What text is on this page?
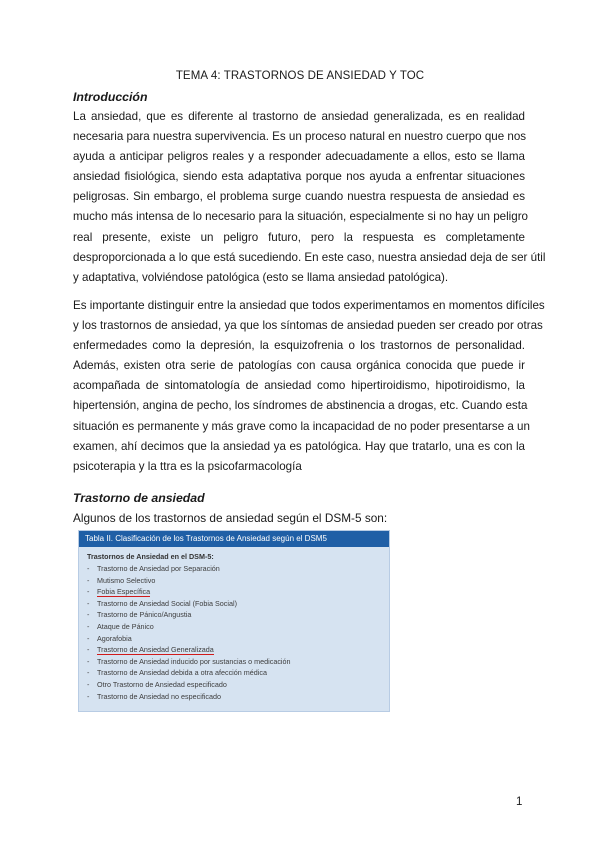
TEMA 4: TRASTORNOS DE ANSIEDAD Y TOC
Introducción
La ansiedad, que es diferente al trastorno de ansiedad generalizada, es en realidad
necesaria para nuestra supervivencia. Es un proceso natural en nuestro cuerpo que nos
ayuda a anticipar peligros reales y a responder adecuadamente a ellos, esto se llama
ansiedad fisiológica, siendo esta adaptativa porque nos ayuda a enfrentar situaciones
peligrosas. Sin embargo, el problema surge cuando nuestra respuesta de ansiedad es
mucho más intensa de lo necesario para la situación, especialmente si no hay un peligro
real presente, existe un peligro futuro, pero la respuesta es completamente
desproporcionada a lo que está sucediendo. En este caso, nuestra ansiedad deja de ser útil
y adaptativa, volviéndose patológica (esto se llama ansiedad patológica).
Es importante distinguir entre la ansiedad que todos experimentamos en momentos difíciles
y los trastornos de ansiedad, ya que los síntomas de ansiedad pueden ser creado por otras
enfermedades como la depresión, la esquizofrenia o los trastornos de personalidad.
Además, existen otra serie de patologías con causa orgánica conocida que puede ir
acompañada de sintomatología de ansiedad como hipertiroidismo, hipotiroidismo, la
hipertensión, angina de pecho, los síndromes de abstinencia a drogas, etc. Cuando esta
situación es permanente y más grave como la incapacidad de no poder presentarse a un
examen, ahí decimos que la ansiedad ya es patológica. Hay que tratarlo, una es con la
psicoterapia y la ttra es la psicofarmacología
Trastorno de ansiedad
Algunos de los trastornos de ansiedad según el DSM-5 son:
Tabla II. Clasificación de los Trastornos de Ansiedad según el DSM5
Trastornos de Ansiedad en el DSM-5:
- Trastorno de Ansiedad por Separación
- Mutismo Selectivo
- Fobia Específica
- Trastorno de Ansiedad Social (Fobia Social)
- Trastorno de Pánico/Angustia
- Ataque de Pánico
- Agorafobia
- Trastorno de Ansiedad Generalizada
- Trastorno de Ansiedad inducido por sustancias o medicación
- Trastorno de Ansiedad debida a otra afección médica
- Otro Trastorno de Ansiedad especificado
- Trastorno de Ansiedad no especificado
1
